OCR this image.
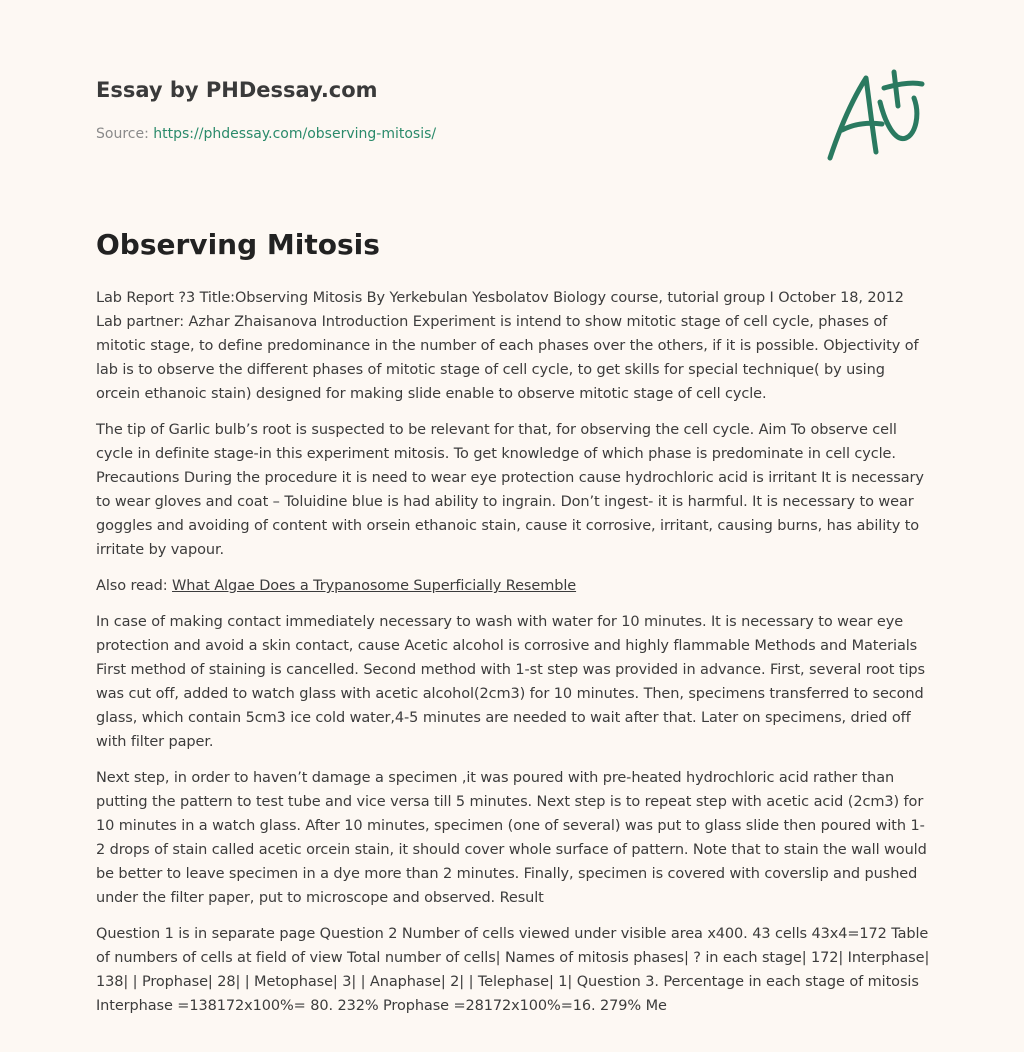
Essay by PHDessay.com
Source: https://phdessay.com/observing-mitosis/
Observing Mitosis

Lab Report ?3 Title:Observing Mitosis By Yerkebulan Yesbolatov Biology course, tutorial group I October 18, 2012 Lab partner: Azhar Zhaisanova Introduction Experiment is intend to show mitotic stage of cell cycle, phases of mitotic stage, to define predominance in the number of each phases over the others, if it is possible. Objectivity of lab is to observe the different phases of mitotic stage of cell cycle, to get skills for special technique( by using orcein ethanoic stain) designed for making slide enable to observe mitotic stage of cell cycle.

The tip of Garlic bulb’s root is suspected to be relevant for that, for observing the cell cycle. Aim To observe cell cycle in definite stage-in this experiment mitosis. To get knowledge of which phase is predominate in cell cycle. Precautions During the procedure it is need to wear eye protection cause hydrochloric acid is irritant It is necessary to wear gloves and coat – Toluidine blue is had ability to ingrain. Don’t ingest- it is harmful. It is necessary to wear goggles and avoiding of content with orsein ethanoic stain, cause it corrosive, irritant, causing burns, has ability to irritate by vapour.

Also read: What Algae Does a Trypanosome Superficially Resemble

In case of making contact immediately necessary to wash with water for 10 minutes. It is necessary to wear eye protection and avoid a skin contact, cause Acetic alcohol is corrosive and highly flammable Methods and Materials First method of staining is cancelled. Second method with 1-st step was provided in advance. First, several root tips was cut off, added to watch glass with acetic alcohol(2cm3) for 10 minutes. Then, specimens transferred to second glass, which contain 5cm3 ice cold water,4-5 minutes are needed to wait after that. Later on specimens, dried off with filter paper.

Next step, in order to haven’t damage a specimen ,it was poured with pre-heated hydrochloric acid rather than putting the pattern to test tube and vice versa till 5 minutes. Next step is to repeat step with acetic acid (2cm3) for 10 minutes in a watch glass. After 10 minutes, specimen (one of several) was put to glass slide then poured with 1-2 drops of stain called acetic orcein stain, it should cover whole surface of pattern. Note that to stain the wall would be better to leave specimen in a dye more than 2 minutes. Finally, specimen is covered with coverslip and pushed under the filter paper, put to microscope and observed. Result

Question 1 is in separate page Question 2 Number of cells viewed under visible area x400. 43 cells 43x4=172 Table of numbers of cells at field of view Total number of cells| Names of mitosis phases| ? in each stage| 172| Interphase| 138| | Prophase| 28| | Metophase| 3| | Anaphase| 2| | Telephase| 1| Question 3. Percentage in each stage of mitosis Interphase =138172x100%= 80. 232% Prophase =28172x100%=16. 279% Me
